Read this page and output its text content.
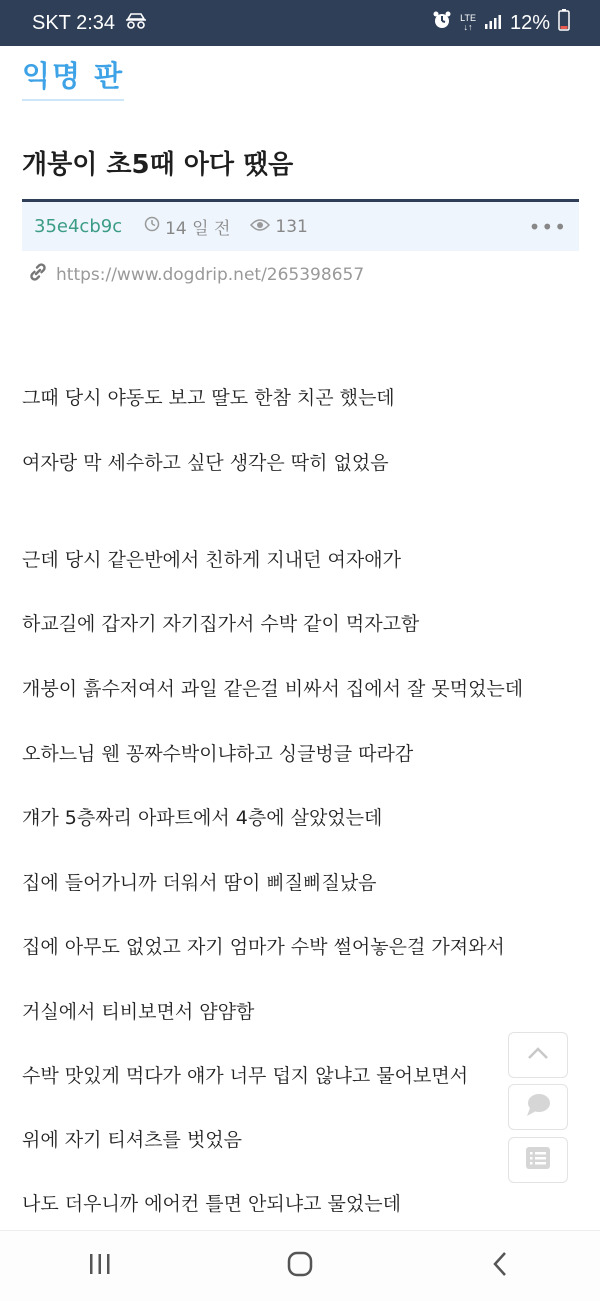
SKT 2:34	LTE
↓↑ 12%
익명 판
개붕이 초5때 아다 땠음
35e4cb9c	14 일 전	131	•••
https://www.dogdrip.net/265398657
그때 당시 야동도 보고 딸도 한참 치곤 했는데
여자랑 막 세수하고 싶단 생각은 딱히 없었음
근데 당시 같은반에서 친하게 지내던 여자애가
하교길에 갑자기 자기집가서 수박 같이 먹자고함
개붕이 흙수저여서 과일 같은걸 비싸서 집에서 잘 못먹었는데
오하느님 웬 꽁짜수박이냐하고 싱글벙글 따라감
걔가 5층짜리 아파트에서 4층에 살았었는데
집에 들어가니까 더워서 땀이 삐질삐질났음
집에 아무도 없었고 자기 엄마가 수박 썰어놓은걸 가져와서
거실에서 티비보면서 얌얌함
수박 맛있게 먹다가 얘가 너무 덥지 않냐고 물어보면서
위에 자기 티셔츠를 벗었음
나도 더우니까 에어컨 틀면 안되냐고 물었는데
